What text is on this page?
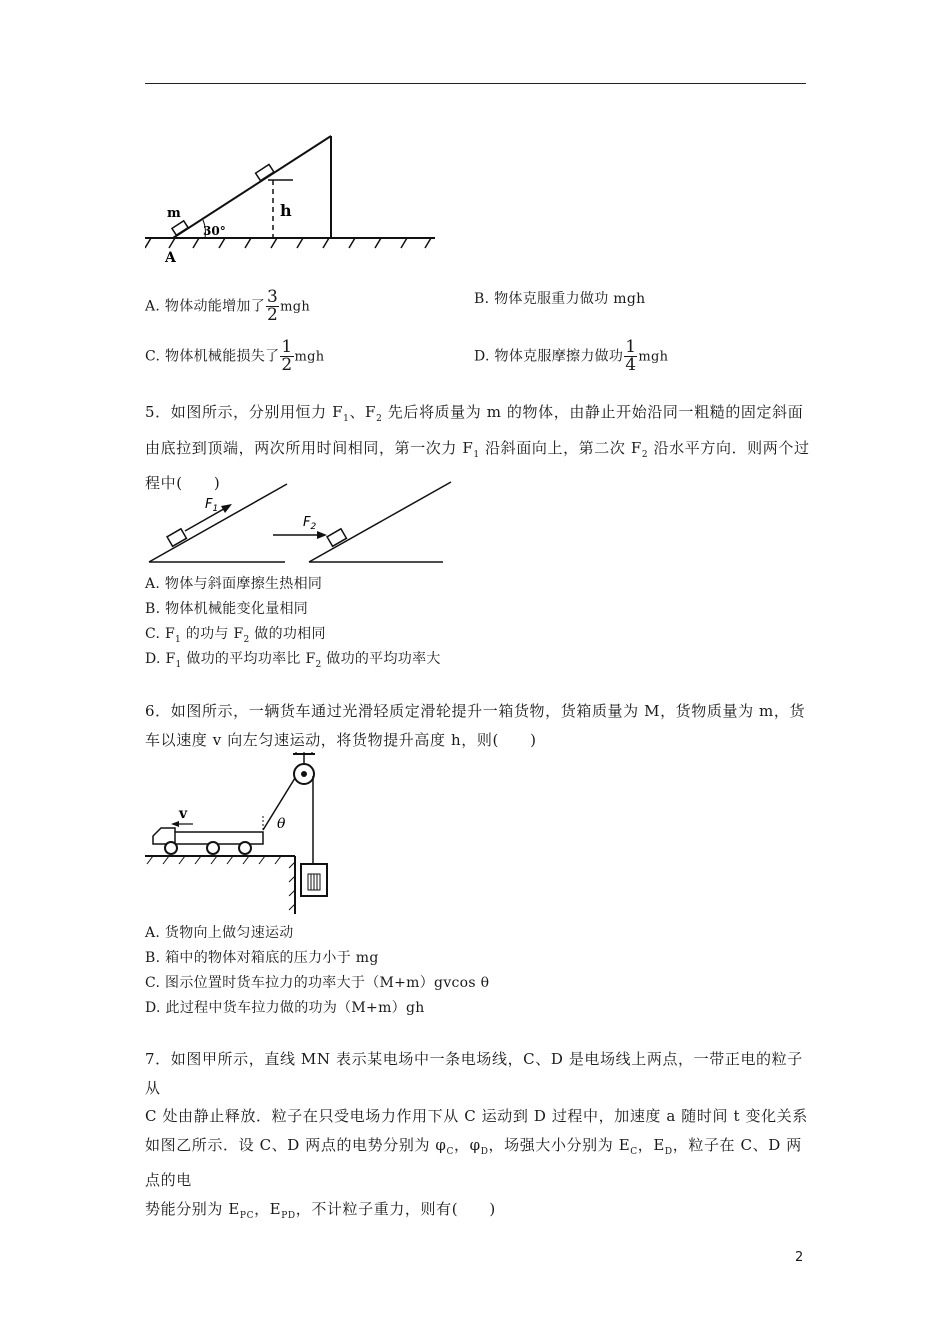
m
30°
h
A
A. 物体动能增加了 $\frac{3}{2}$ mgh	B. 物体克服重力做功 mgh
C. 物体机械能损失了 $\frac{1}{2}$ mgh	D. 物体克服摩擦力做功 $\frac{1}{4}$ mgh
5．如图所示，分别用恒力 $F_1$、$F_2$ 先后将质量为 m 的物体，由静止开始沿同一粗糙的固定斜面
由底拉到顶端，两次所用时间相同，第一次力 $F_1$ 沿斜面向上，第二次 $F_2$ 沿水平方向．则两个过
程中(　　)
$F_1$
$F_2$
A. 物体与斜面摩擦生热相同
B. 物体机械能变化量相同
C. $F_1$ 的功与 $F_2$ 做的功相同
D. $F_1$ 做功的平均功率比 $F_2$ 做功的平均功率大
6．如图所示，一辆货车通过光滑轻质定滑轮提升一箱货物，货箱质量为 M，货物质量为 m，货
车以速度 v 向左匀速运动，将货物提升高度 h，则(　　)
θ
v
A. 货物向上做匀速运动
B. 箱中的物体对箱底的压力小于 mg
C. 图示位置时货车拉力的功率大于（M+m）gvcos θ
D. 此过程中货车拉力做的功为（M+m）gh
7．如图甲所示，直线 MN 表示某电场中一条电场线，C、D 是电场线上两点，一带正电的粒子从
C 处由静止释放．粒子在只受电场力作用下从 C 运动到 D 过程中，加速度 a 随时间 t 变化关系
如图乙所示．设 C、D 两点的电势分别为 $\varphi_C$，$\varphi_D$，场强大小分别为 $E_C$，$E_D$，粒子在 C、D 两点的电
势能分别为 $E_{PC}$，$E_{PD}$，不计粒子重力，则有(　　)
2
